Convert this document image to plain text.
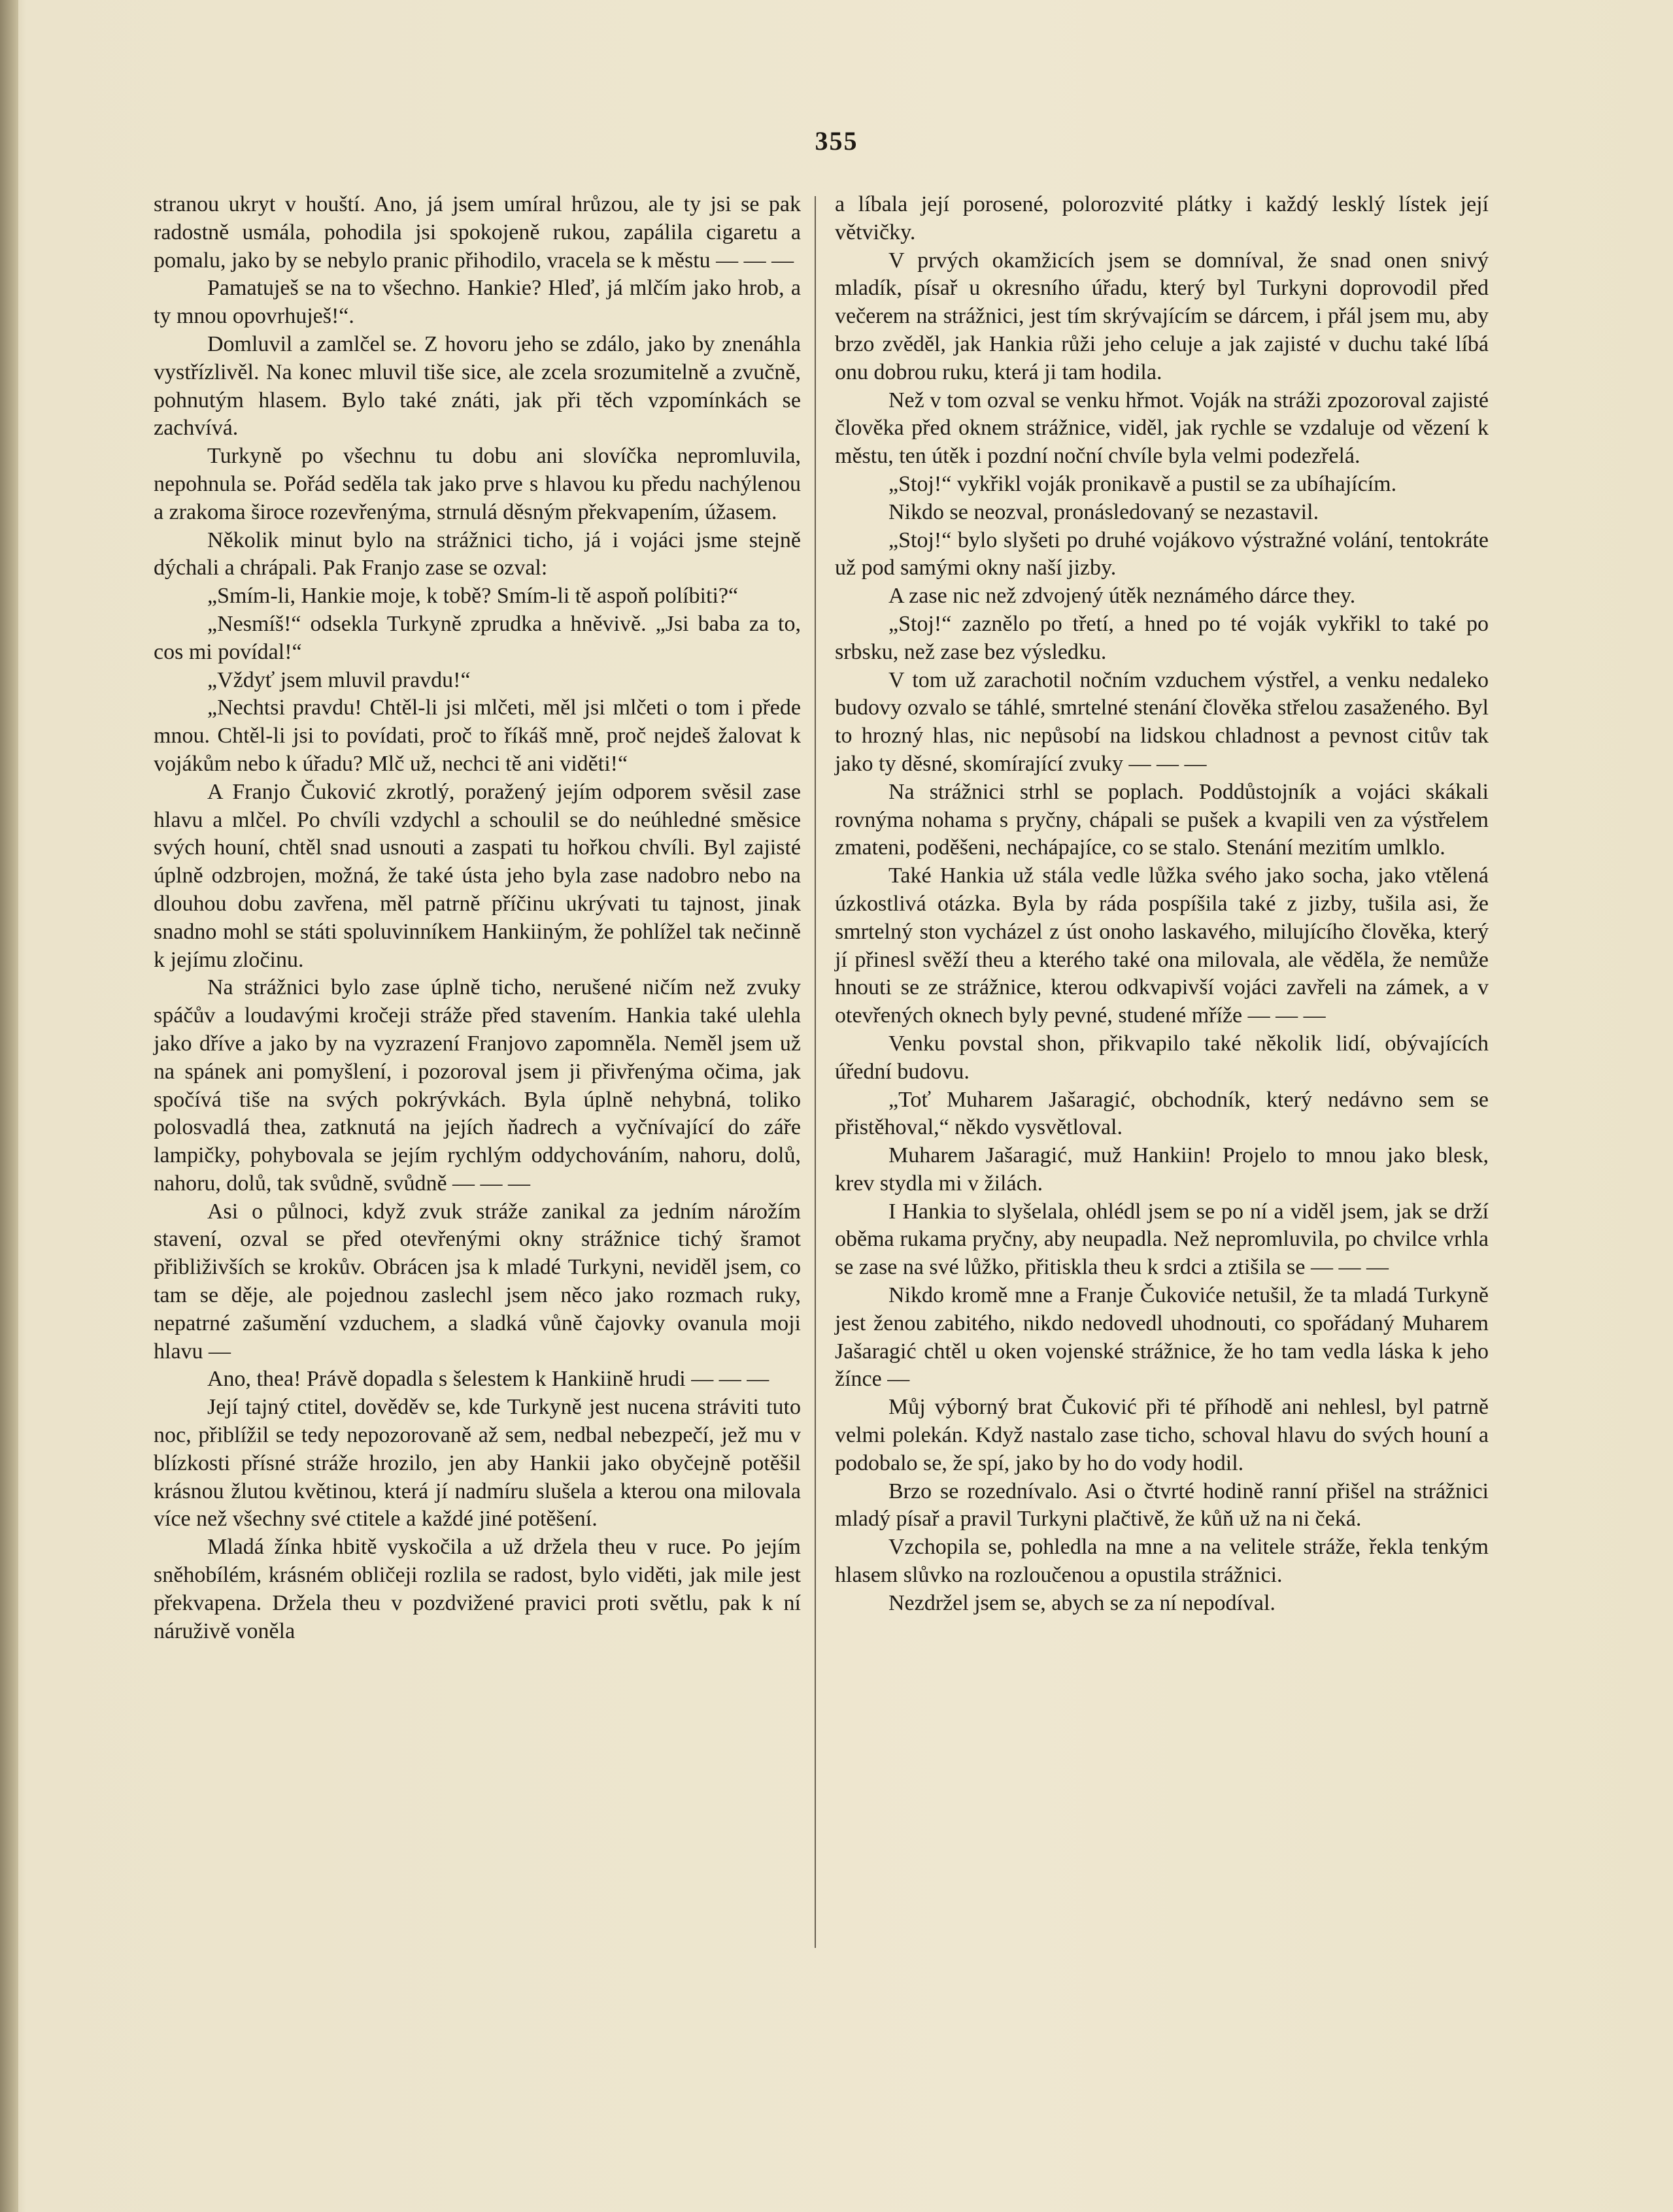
355

stranou ukryt v houští. Ano, já jsem umíral hrůzou, ale ty jsi se pak radostně usmála, pohodila jsi spokojeně rukou, zapálila cigaretu a pomalu, jako by se nebylo pranic přihodilo, vracela se k městu — — —

Pamatuješ se na to všechno. Hankie? Hleď, já mlčím jako hrob, a ty mnou opovrhuješ!“.

Domluvil a zamlčel se. Z hovoru jeho se zdálo, jako by znenáhla vystřízlivěl. Na konec mluvil tiše sice, ale zcela srozumitelně a zvučně, pohnutým hlasem. Bylo také znáti, jak při těch vzpomínkách se zachvívá.

Turkyně po všechnu tu dobu ani slovíčka nepromluvila, nepohnula se. Pořád seděla tak jako prve s hlavou ku předu nachýlenou a zrakoma široce rozevřenýma, strnulá děsným překvapením, úžasem.

Několik minut bylo na strážnici ticho, já i vojáci jsme stejně dýchali a chrápali. Pak Franjo zase se ozval:

„Smím-li, Hankie moje, k tobě? Smím-li tě aspoň políbiti?“

„Nesmíš!“ odsekla Turkyně zprudka a hněvivě. „Jsi baba za to, cos mi povídal!“

„Vždyť jsem mluvil pravdu!“

„Nechtsi pravdu! Chtěl-li jsi mlčeti, měl jsi mlčeti o tom i přede mnou. Chtěl-li jsi to povídati, proč to říkáš mně, proč nejdeš žalovat k vojákům nebo k úřadu? Mlč už, nechci tě ani viděti!“

A Franjo Čuković zkrotlý, poražený jejím odporem svěsil zase hlavu a mlčel. Po chvíli vzdychl a schoulil se do neúhledné směsice svých houní, chtěl snad usnouti a zaspati tu hořkou chvíli. Byl zajisté úplně odzbrojen, možná, že také ústa jeho byla zase nadobro nebo na dlouhou dobu zavřena, měl patrně příčinu ukrývati tu tajnost, jinak snadno mohl se státi spoluvinníkem Hankiiným, že pohlížel tak nečinně k jejímu zločinu.

Na strážnici bylo zase úplně ticho, nerušené ničím než zvuky spáčův a loudavými kročeji stráže před stavením. Hankia také ulehla jako dříve a jako by na vyzrazení Franjovo zapomněla. Neměl jsem už na spánek ani pomyšlení, i pozoroval jsem ji přivřenýma očima, jak spočívá tiše na svých pokrývkách. Byla úplně nehybná, toliko polosvadlá thea, zatknutá na jejích ňadrech a vyčnívající do záře lampičky, pohybovala se jejím rychlým oddychováním, nahoru, dolů, nahoru, dolů, tak svůdně, svůdně — — —

Asi o půlnoci, když zvuk stráže zanikal za jedním nárožím stavení, ozval se před otevřenými okny strážnice tichý šramot přibliživších se krokův. Obrácen jsa k mladé Turkyni, neviděl jsem, co tam se děje, ale pojednou zaslechl jsem něco jako rozmach ruky, nepatrné zašumění vzduchem, a sladká vůně čajovky ovanula moji hlavu —

Ano, thea! Právě dopadla s šelestem k Hankiině hrudi — — —

Její tajný ctitel, dověděv se, kde Turkyně jest nucena stráviti tuto noc, přiblížil se tedy nepozorovaně až sem, nedbal nebezpečí, jež mu v blízkosti přísné stráže hrozilo, jen aby Hankii jako obyčejně potěšil krásnou žlutou květinou, která jí nadmíru slušela a kterou ona milovala více než všechny své ctitele a každé jiné potěšení.

Mladá žínka hbitě vyskočila a už držela theu v ruce. Po jejím sněhobílém, krásném obličeji rozlila se radost, bylo viděti, jak mile jest překvapena. Držela theu v pozdvižené pravici proti světlu, pak k ní náruživě voněla

a líbala její porosené, polorozvité plátky i každý lesklý lístek její větvičky.

V prvých okamžicích jsem se domníval, že snad onen snivý mladík, písař u okresního úřadu, který byl Turkyni doprovodil před večerem na strážnici, jest tím skrývajícím se dárcem, i přál jsem mu, aby brzo zvěděl, jak Hankia růži jeho celuje a jak zajisté v duchu také líbá onu dobrou ruku, která ji tam hodila.

Než v tom ozval se venku hřmot. Voják na stráži zpozoroval zajisté člověka před oknem strážnice, viděl, jak rychle se vzdaluje od vězení k městu, ten útěk i pozdní noční chvíle byla velmi podezřelá.

„Stoj!“ vykřikl voják pronikavě a pustil se za ubíhajícím.

Nikdo se neozval, pronásledovaný se nezastavil.

„Stoj!“ bylo slyšeti po druhé vojákovo výstražné volání, tentokráte už pod samými okny naší jizby.

A zase nic než zdvojený útěk neznámého dárce they.

„Stoj!“ zaznělo po třetí, a hned po té voják vykřikl to také po srbsku, než zase bez výsledku.

V tom už zarachotil nočním vzduchem výstřel, a venku nedaleko budovy ozvalo se táhlé, smrtelné stenání člověka střelou zasaženého. Byl to hrozný hlas, nic nepůsobí na lidskou chladnost a pevnost citův tak jako ty děsné, skomírající zvuky — — —

Na strážnici strhl se poplach. Poddůstojník a vojáci skákali rovnýma nohama s pryčny, chápali se pušek a kvapili ven za výstřelem zmateni, poděšeni, nechápajíce, co se stalo. Stenání mezitím umlklo.

Také Hankia už stála vedle lůžka svého jako socha, jako vtělená úzkostlivá otázka. Byla by ráda pospíšila také z jizby, tušila asi, že smrtelný ston vycházel z úst onoho laskavého, milujícího člověka, který jí přinesl svěží theu a kterého také ona milovala, ale věděla, že nemůže hnouti se ze strážnice, kterou odkvapivší vojáci zavřeli na zámek, a v otevřených oknech byly pevné, studené mříže — — —

Venku povstal shon, přikvapilo také několik lidí, obývajících úřední budovu.

„Toť Muharem Jašaragić, obchodník, který nedávno sem se přistěhoval,“ někdo vysvětloval.

Muharem Jašaragić, muž Hankiin! Projelo to mnou jako blesk, krev stydla mi v žilách.

I Hankia to slyšelala, ohlédl jsem se po ní a viděl jsem, jak se drží oběma rukama pryčny, aby neupadla. Než nepromluvila, po chvilce vrhla se zase na své lůžko, přitiskla theu k srdci a ztišila se — — —

Nikdo kromě mne a Franje Čukoviće netušil, že ta mladá Turkyně jest ženou zabitého, nikdo nedovedl uhodnouti, co spořádaný Muharem Jašaragić chtěl u oken vojenské strážnice, že ho tam vedla láska k jeho žínce —

Můj výborný brat Čuković při té příhodě ani nehlesl, byl patrně velmi polekán. Když nastalo zase ticho, schoval hlavu do svých houní a podobalo se, že spí, jako by ho do vody hodil.

Brzo se rozednívalo. Asi o čtvrté hodině ranní přišel na strážnici mladý písař a pravil Turkyni plačtivě, že kůň už na ni čeká.

Vzchopila se, pohledla na mne a na velitele stráže, řekla tenkým hlasem slůvko na rozloučenou a opustila strážnici.

Nezdržel jsem se, abych se za ní nepodíval.
